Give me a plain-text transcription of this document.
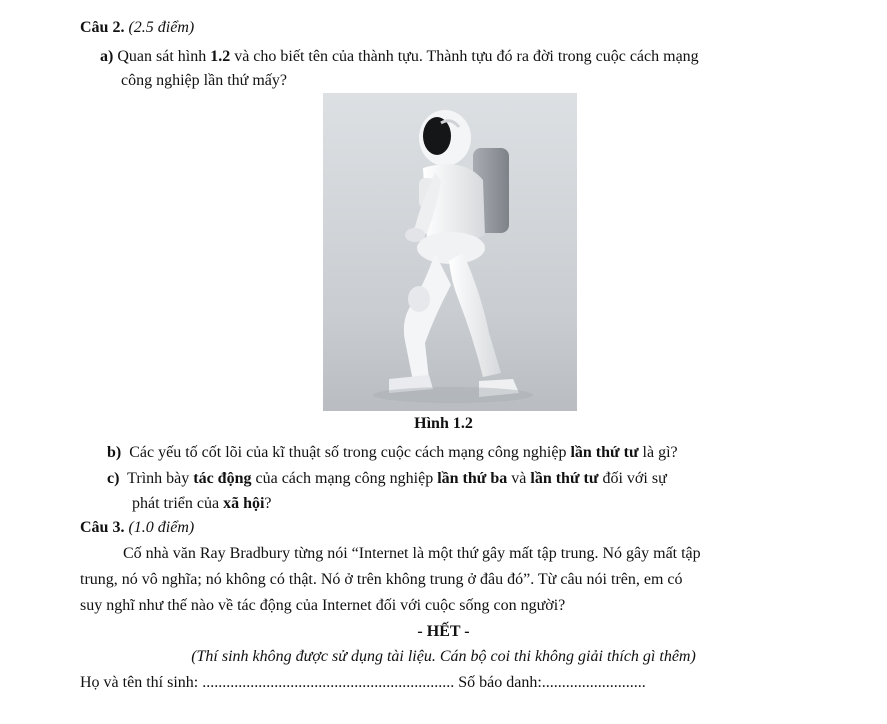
Câu 2. (2.5 điểm)
a) Quan sát hình 1.2 và cho biết tên của thành tựu. Thành tựu đó ra đời trong cuộc cách mạng
công nghiệp lần thứ mấy?
Hình 1.2
b) Các yếu tố cốt lõi của kĩ thuật số trong cuộc cách mạng công nghiệp lần thứ tư là gì?
c) Trình bày tác động của cách mạng công nghiệp lần thứ ba và lần thứ tư đối với sự
phát triển của xã hội?
Câu 3. (1.0 điểm)
Cố nhà văn Ray Bradbury từng nói “Internet là một thứ gây mất tập trung. Nó gây mất tập
trung, nó vô nghĩa; nó không có thật. Nó ở trên không trung ở đâu đó”. Từ câu nói trên, em có
suy nghĩ như thế nào về tác động của Internet đối với cuộc sống con người?
- HẾT -
(Thí sinh không được sử dụng tài liệu. Cán bộ coi thi không giải thích gì thêm)
Họ và tên thí sinh: ............................................................... Số báo danh:..........................
